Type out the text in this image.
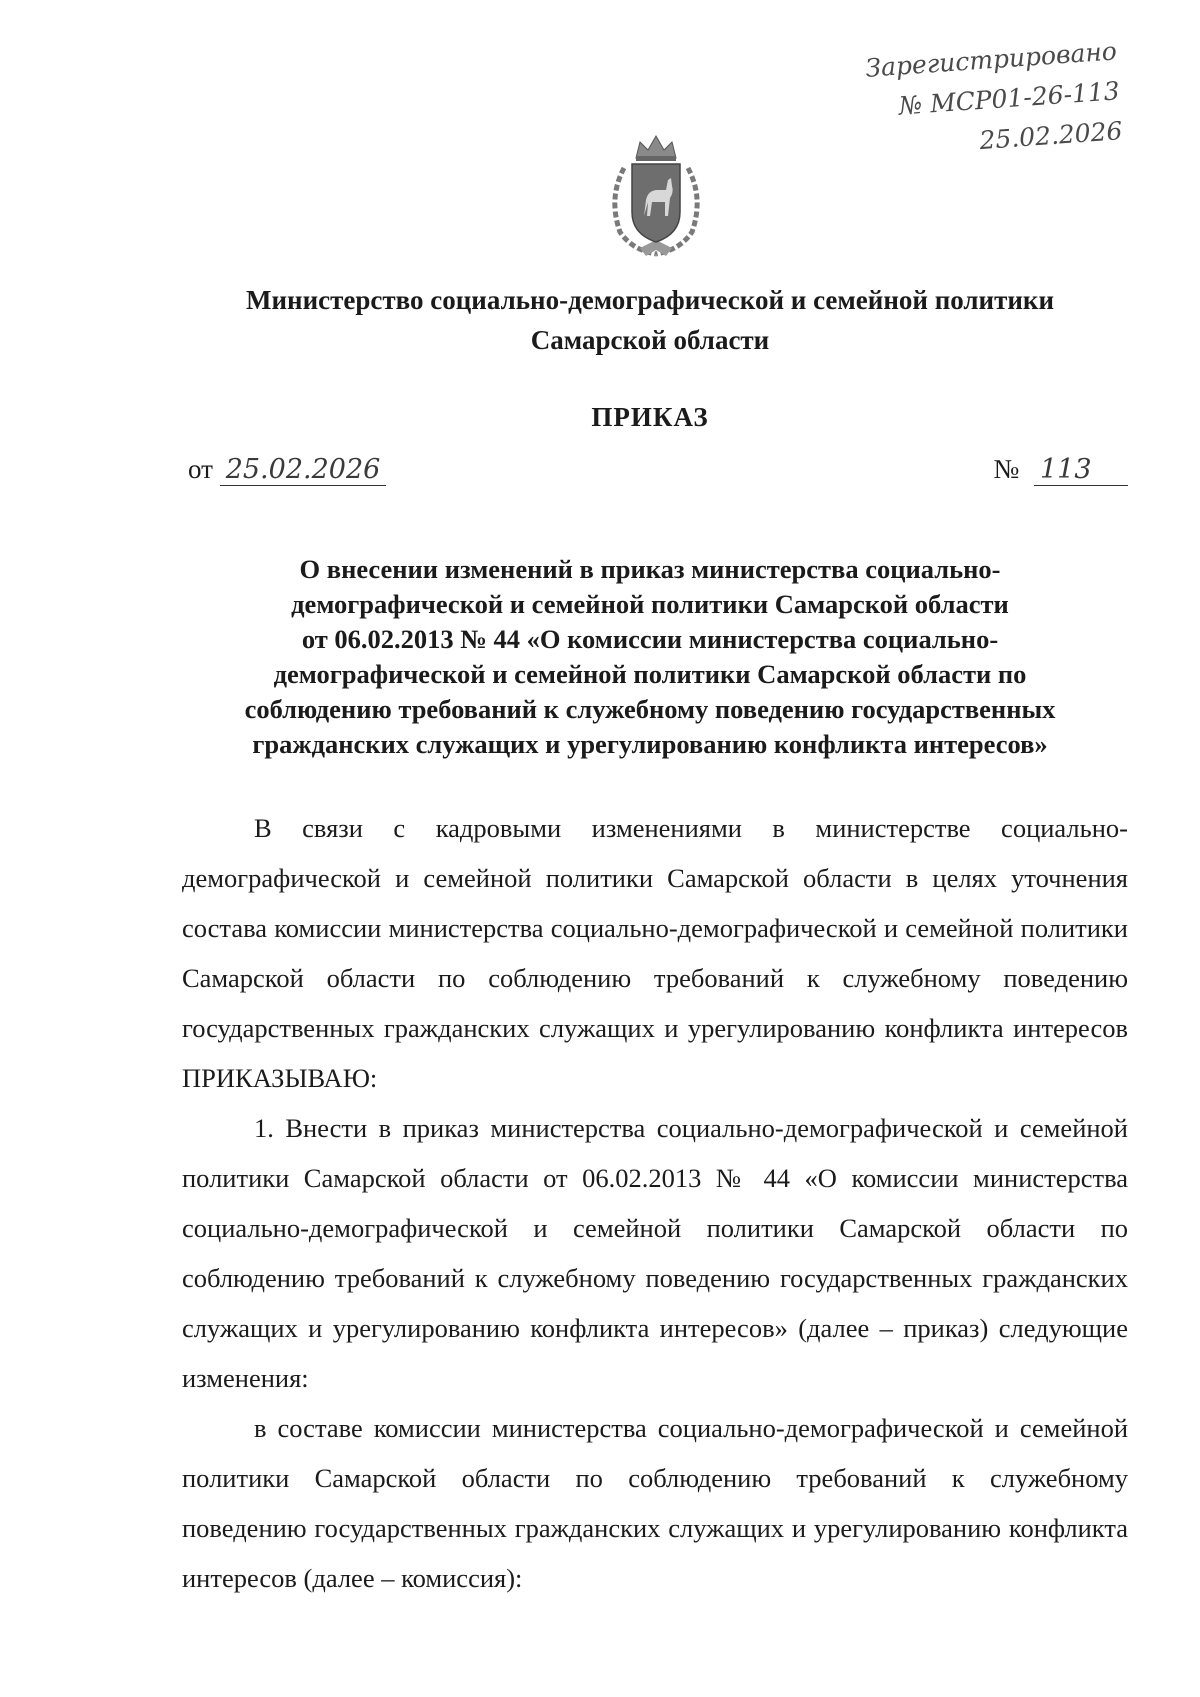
Зарегистрировано
№ МСР01-26-113
25.02.2026
Министерство социально-демографической и семейной политики
Самарской области
ПРИКАЗ
от 25.02.2026	№ 113
О внесении изменений в приказ министерства социально-
демографической и семейной политики Самарской области
от 06.02.2013 № 44 «О комиссии министерства социально-
демографической и семейной политики Самарской области по
соблюдению требований к служебному поведению государственных
гражданских служащих и урегулированию конфликта интересов»

В связи с кадровыми изменениями в министерстве социально-демографической и семейной политики Самарской области в целях уточнения состава комиссии министерства социально-демографической и семейной политики Самарской области по соблюдению требований к служебному поведению государственных гражданских служащих и урегулированию конфликта интересов ПРИКАЗЫВАЮ:

1. Внести в приказ министерства социально-демографической и семейной политики Самарской области от 06.02.2013 № 44 «О комиссии министерства социально-демографической и семейной политики Самарской области по соблюдению требований к служебному поведению государственных гражданских служащих и урегулированию конфликта интересов» (далее – приказ) следующие изменения:

в составе комиссии министерства социально-демографической и семейной политики Самарской области по соблюдению требований к служебному поведению государственных гражданских служащих и урегулированию конфликта интересов (далее – комиссия):
